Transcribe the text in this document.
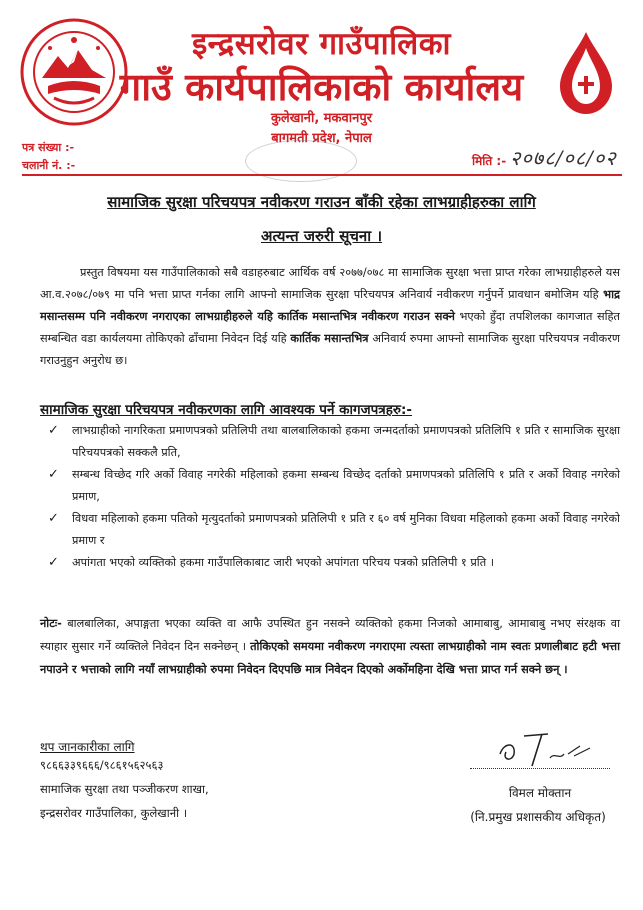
इन्द्रसरोवर गाउँपालिका
गाउँ कार्यपालिकाको कार्यालय
कुलेखानी, मकवानपुर
बागमती प्रदेश, नेपाल
पत्र संख्या :-
चलानी नं. :-	मिति :- २०७८/०८/०२
सामाजिक सुरक्षा परिचयपत्र नवीकरण गराउन बाँकी रहेका लाभग्राहीहरुका लागि
अत्यन्त जरुरी सूचना ।
प्रस्तुत विषयमा यस गाउँपालिकाको सबै वडाहरुबाट आर्थिक वर्ष २०७७/०७८ मा सामाजिक सुरक्षा भत्ता प्राप्त गरेका लाभग्राहीहरुले यस आ.व.२०७८/०७९ मा पनि भत्ता प्राप्त गर्नका लागि आफ्नो सामाजिक सुरक्षा परिचयपत्र अनिवार्य नवीकरण गर्नुपर्ने प्रावधान बमोजिम यहि भाद्र मसान्तसम्म पनि नवीकरण नगराएका लाभग्राहीहरुले यहि कार्तिक मसान्तभित्र नवीकरण गराउन सक्ने भएको हुँदा तपशिलका कागजात सहित सम्बन्धित वडा कार्यलयमा तोकिएको ढाँचामा निवेदन दिई यहि कार्तिक मसान्तभित्र अनिवार्य रुपमा आफ्नो सामाजिक सुरक्षा परिचयपत्र नवीकरण गराउनुहुन अनुरोध छ।
सामाजिक सुरक्षा परिचयपत्र नवीकरणका लागि आवश्यक पर्ने कागजपत्रहरु:-
✓ लाभग्राहीको नागरिकता प्रमाणपत्रको प्रतिलिपी तथा बालबालिकाको हकमा जन्मदर्ताको प्रमाणपत्रको प्रतिलिपि १ प्रति र सामाजिक सुरक्षा परिचयपत्रको सक्कलै प्रति,
✓ सम्बन्ध विच्छेद गरि अर्को विवाह नगरेकी महिलाको हकमा सम्बन्ध विच्छेद दर्ताको प्रमाणपत्रको प्रतिलिपि १ प्रति र अर्को विवाह नगरेको प्रमाण,
✓ विधवा महिलाको हकमा पतिको मृत्युदर्ताको प्रमाणपत्रको प्रतिलिपी १ प्रति र ६० वर्ष मुनिका विधवा महिलाको हकमा अर्को विवाह नगरेको प्रमाण र
✓ अपांगता भएको व्यक्तिको हकमा गाउँपालिकाबाट जारी भएको अपांगता परिचय पत्रको प्रतिलिपी १ प्रति ।
नोटः- बालबालिका, अपाङ्गता भएका व्यक्ति वा आफै उपस्थित हुन नसक्ने व्यक्तिको हकमा निजको आमाबाबु, आमाबाबु नभए संरक्षक वा स्याहार सुसार गर्ने व्यक्तिले निवेदन दिन सक्नेछन् । तोकिएको समयमा नवीकरण नगराएमा त्यस्ता लाभग्राहीको नाम स्वतः प्रणालीबाट हटी भत्ता नपाउने र भत्ताको लागि नयाँ लाभग्राहीको रुपमा निवेदन दिएपछि मात्र निवेदन दिएको अर्कोमहिना देखि भत्ता प्राप्त गर्न सक्ने छन् ।
थप जानकारीका लागि
९८६६३३९६६६/९८६१५६२५६३
सामाजिक सुरक्षा तथा पञ्जीकरण शाखा,
इन्द्रसरोवर गाउँपालिका, कुलेखानी ।
विमल मोक्तान
(नि.प्रमुख प्रशासकीय अधिकृत)
